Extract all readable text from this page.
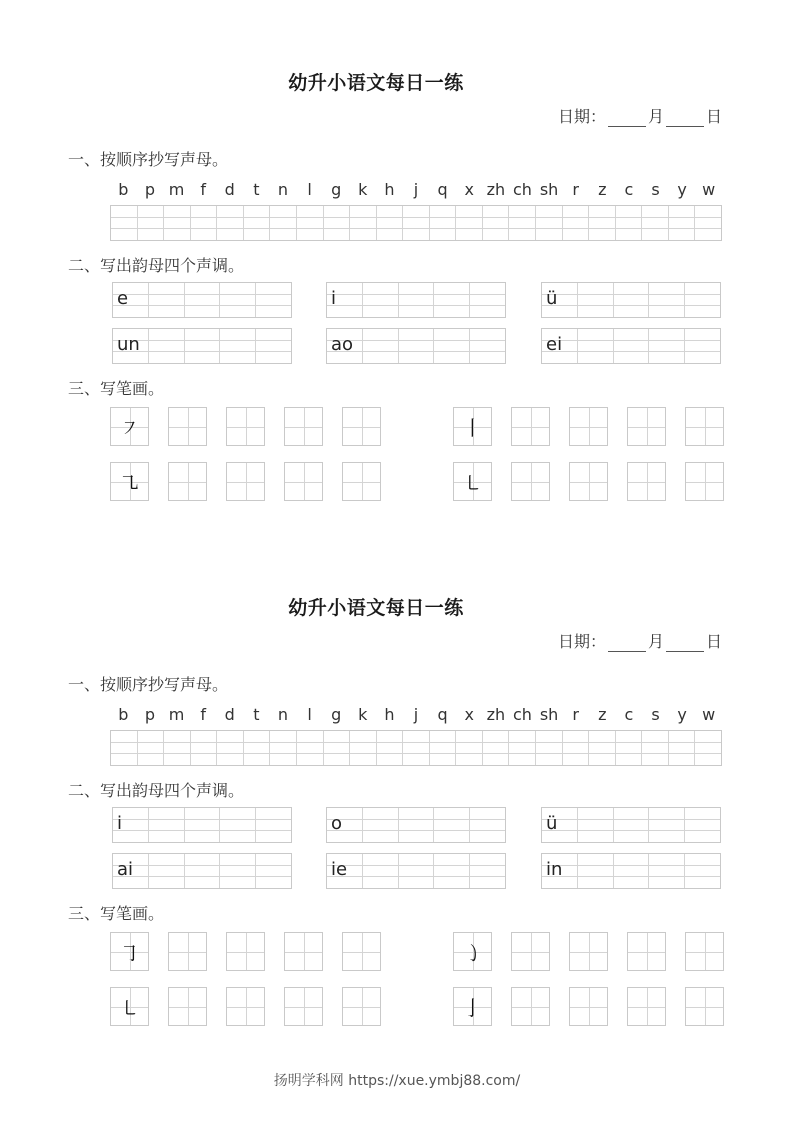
幼升小语文每日一练
日期：	月	日
一、按顺序抄写声母。
b	p m	f	d	t	n	l	g	k	h	j	q	x zh ch sh r	z	c	s	y w
二、写出韵母四个声调。
e	i	ü
un	ao	ei
三、写笔画。
㇇	丨
㇈	㇄
幼升小语文每日一练
日期：	月	日
一、按顺序抄写声母。
b	p m	f	d	t	n	l	g	k	h	j	q	x zh ch sh r	z	c	s	y w
二、写出韵母四个声调。
i	o	ü
ai	ie	in
三、写笔画。
㇆	㇁
㇄	亅
扬明学科网 https://xue.ymbj88.com/
